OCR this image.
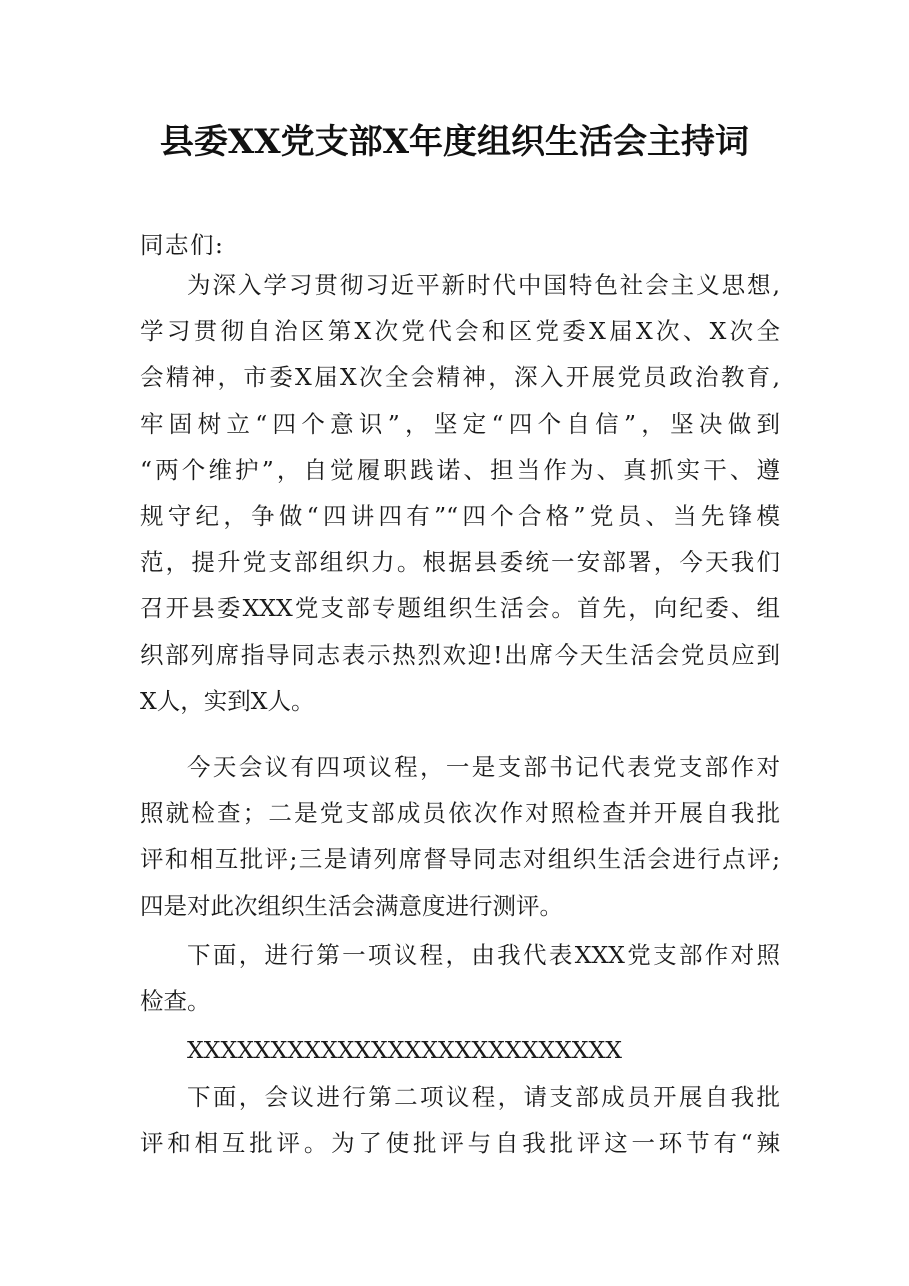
县委XX党支部X年度组织生活会主持词
同志们:
为深入学习贯彻习近平新时代中国特色社会主义思想,
学习贯彻自治区第X次党代会和区党委X届X次、X次全
会精神，市委X届X次全会精神，深入开展党员政治教育,
牢固树立“四个意识”，坚定“四个自信”，坚决做到
“两个维护”，自觉履职践诺、担当作为、真抓实干、遵
规守纪，争做“四讲四有”“四个合格”党员、当先锋模
范，提升党支部组织力。根据县委统一安部署，今天我们
召开县委XXX党支部专题组织生活会。首先，向纪委、组
织部列席指导同志表示热烈欢迎!出席今天生活会党员应到
X人，实到X人。
今天会议有四项议程，一是支部书记代表党支部作对
照就检查；二是党支部成员依次作对照检查并开展自我批
评和相互批评;三是请列席督导同志对组织生活会进行点评;
四是对此次组织生活会满意度进行测评。
下面，进行第一项议程，由我代表XXX党支部作对照
检查。
XXXXXXXXXXXXXXXXXXXXXXXXXX
下面，会议进行第二项议程，请支部成员开展自我批
评和相互批评。为了使批评与自我批评这一环节有“辣
